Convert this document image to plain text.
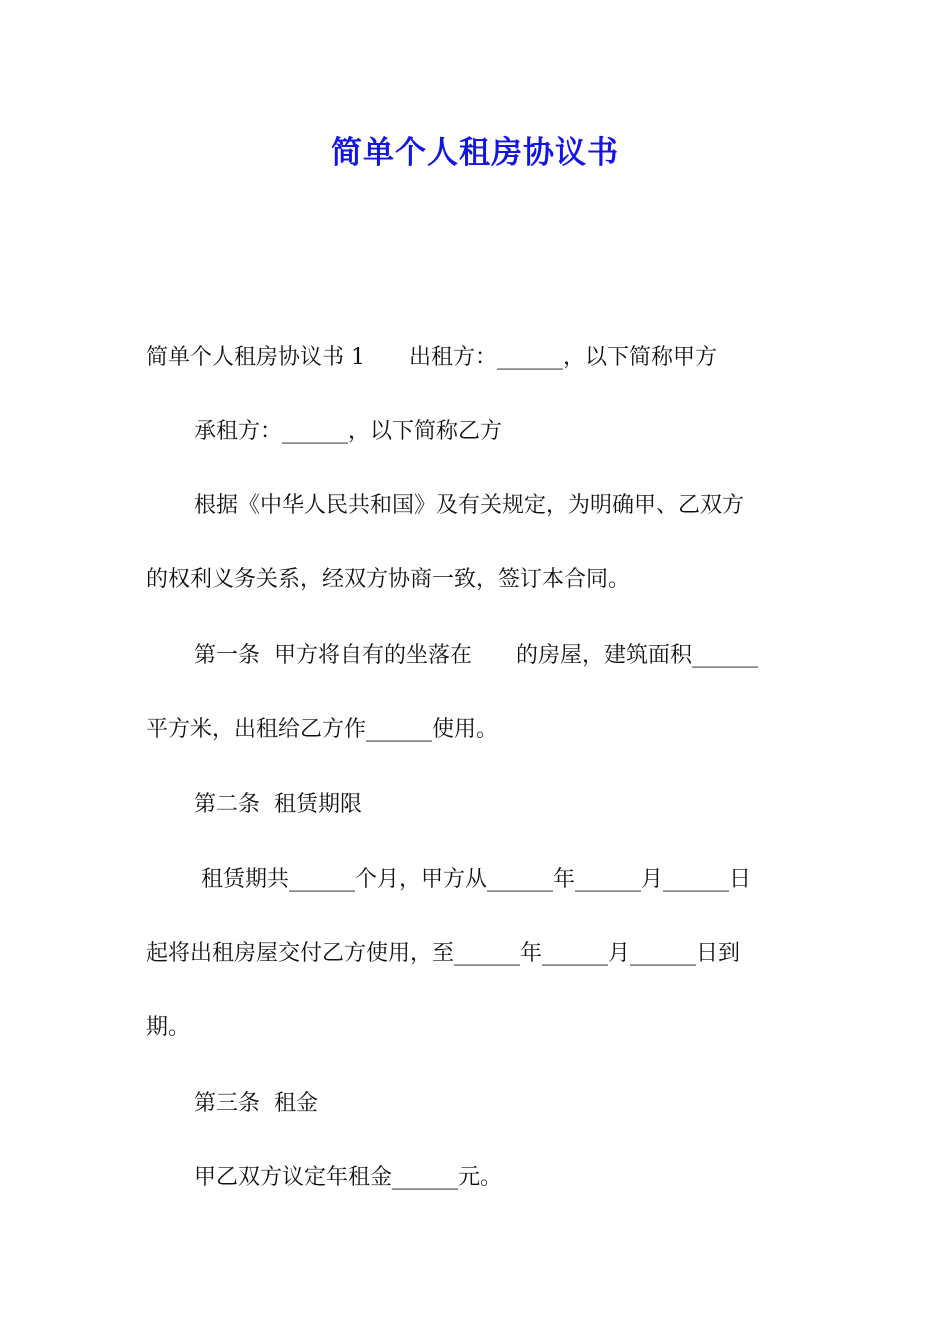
简单个人租房协议书
简单个人租房协议书 1　　出租方：______，以下简称甲方
承租方：______，以下简称乙方
根据《中华人民共和国》及有关规定，为明确甲、乙双方
的权利义务关系，经双方协商一致，签订本合同。
第一条  甲方将自有的坐落在　　的房屋，建筑面积______
平方米，出租给乙方作______使用。
第二条  租赁期限
租赁期共______个月，甲方从______年______月______日
起将出租房屋交付乙方使用，至______年______月______日到
期。
第三条  租金
甲乙双方议定年租金______元。
